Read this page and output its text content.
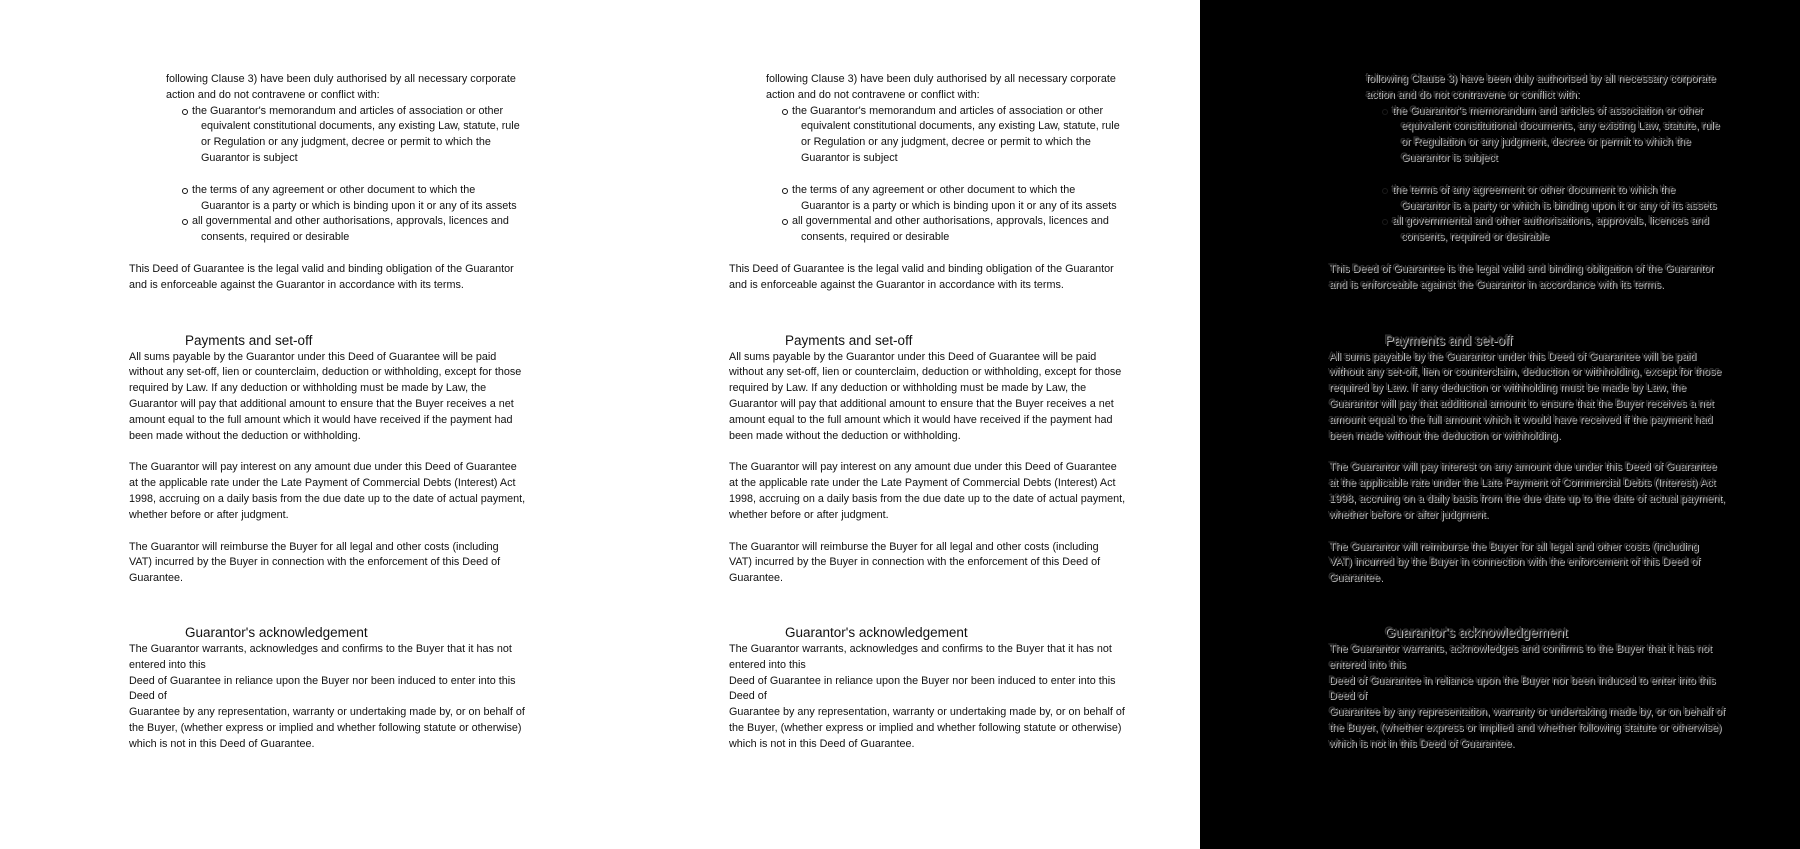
following Clause 3) have been duly authorised by all necessary corporate
action and do not contravene or conflict with:

the Guarantor's memorandum and articles of association or other
equivalent constitutional documents, any existing Law, statute, rule
or Regulation or any judgment, decree or permit to which the
Guarantor is subject
the terms of any agreement or other document to which the
Guarantor is a party or which is binding upon it or any of its assets
all governmental and other authorisations, approvals, licences and
consents, required or desirable

This Deed of Guarantee is the legal valid and binding obligation of the Guarantor
and is enforceable against the Guarantor in accordance with its terms.

Payments and set-off

All sums payable by the Guarantor under this Deed of Guarantee will be paid
without any set-off, lien or counterclaim, deduction or withholding, except for those
required by Law. If any deduction or withholding must be made by Law, the
Guarantor will pay that additional amount to ensure that the Buyer receives a net
amount equal to the full amount which it would have received if the payment had
been made without the deduction or withholding.

The Guarantor will pay interest on any amount due under this Deed of Guarantee
at the applicable rate under the Late Payment of Commercial Debts (Interest) Act
1998, accruing on a daily basis from the due date up to the date of actual payment,
whether before or after judgment.

The Guarantor will reimburse the Buyer for all legal and other costs (including
VAT) incurred by the Buyer in connection with the enforcement of this Deed of
Guarantee.

Guarantor's acknowledgement

The Guarantor warrants, acknowledges and confirms to the Buyer that it has not
entered into this
Deed of Guarantee in reliance upon the Buyer nor been induced to enter into this
Deed of
Guarantee by any representation, warranty or undertaking made by, or on behalf of
the Buyer, (whether express or implied and whether following statute or otherwise)
which is not in this Deed of Guarantee.

following Clause 3) have been duly authorised by all necessary corporate
action and do not contravene or conflict with:

the Guarantor's memorandum and articles of association or other
equivalent constitutional documents, any existing Law, statute, rule
or Regulation or any judgment, decree or permit to which the
Guarantor is subject
the terms of any agreement or other document to which the
Guarantor is a party or which is binding upon it or any of its assets
all governmental and other authorisations, approvals, licences and
consents, required or desirable

This Deed of Guarantee is the legal valid and binding obligation of the Guarantor
and is enforceable against the Guarantor in accordance with its terms.

Payments and set-off

All sums payable by the Guarantor under this Deed of Guarantee will be paid
without any set-off, lien or counterclaim, deduction or withholding, except for those
required by Law. If any deduction or withholding must be made by Law, the
Guarantor will pay that additional amount to ensure that the Buyer receives a net
amount equal to the full amount which it would have received if the payment had
been made without the deduction or withholding.

The Guarantor will pay interest on any amount due under this Deed of Guarantee
at the applicable rate under the Late Payment of Commercial Debts (Interest) Act
1998, accruing on a daily basis from the due date up to the date of actual payment,
whether before or after judgment.

The Guarantor will reimburse the Buyer for all legal and other costs (including
VAT) incurred by the Buyer in connection with the enforcement of this Deed of
Guarantee.

Guarantor's acknowledgement

The Guarantor warrants, acknowledges and confirms to the Buyer that it has not
entered into this
Deed of Guarantee in reliance upon the Buyer nor been induced to enter into this
Deed of
Guarantee by any representation, warranty or undertaking made by, or on behalf of
the Buyer, (whether express or implied and whether following statute or otherwise)
which is not in this Deed of Guarantee.

following Clause 3) have been duly authorised by all necessary corporate
action and do not contravene or conflict with:

the Guarantor's memorandum and articles of association or other
equivalent constitutional documents, any existing Law, statute, rule
or Regulation or any judgment, decree or permit to which the
Guarantor is subject
the terms of any agreement or other document to which the
Guarantor is a party or which is binding upon it or any of its assets
all governmental and other authorisations, approvals, licences and
consents, required or desirable

This Deed of Guarantee is the legal valid and binding obligation of the Guarantor
and is enforceable against the Guarantor in accordance with its terms.

Payments and set-off

All sums payable by the Guarantor under this Deed of Guarantee will be paid
without any set-off, lien or counterclaim, deduction or withholding, except for those
required by Law. If any deduction or withholding must be made by Law, the
Guarantor will pay that additional amount to ensure that the Buyer receives a net
amount equal to the full amount which it would have received if the payment had
been made without the deduction or withholding.

The Guarantor will pay interest on any amount due under this Deed of Guarantee
at the applicable rate under the Late Payment of Commercial Debts (Interest) Act
1998, accruing on a daily basis from the due date up to the date of actual payment,
whether before or after judgment.

The Guarantor will reimburse the Buyer for all legal and other costs (including
VAT) incurred by the Buyer in connection with the enforcement of this Deed of
Guarantee.

Guarantor's acknowledgement

The Guarantor warrants, acknowledges and confirms to the Buyer that it has not
entered into this
Deed of Guarantee in reliance upon the Buyer nor been induced to enter into this
Deed of
Guarantee by any representation, warranty or undertaking made by, or on behalf of
the Buyer, (whether express or implied and whether following statute or otherwise)
which is not in this Deed of Guarantee.
